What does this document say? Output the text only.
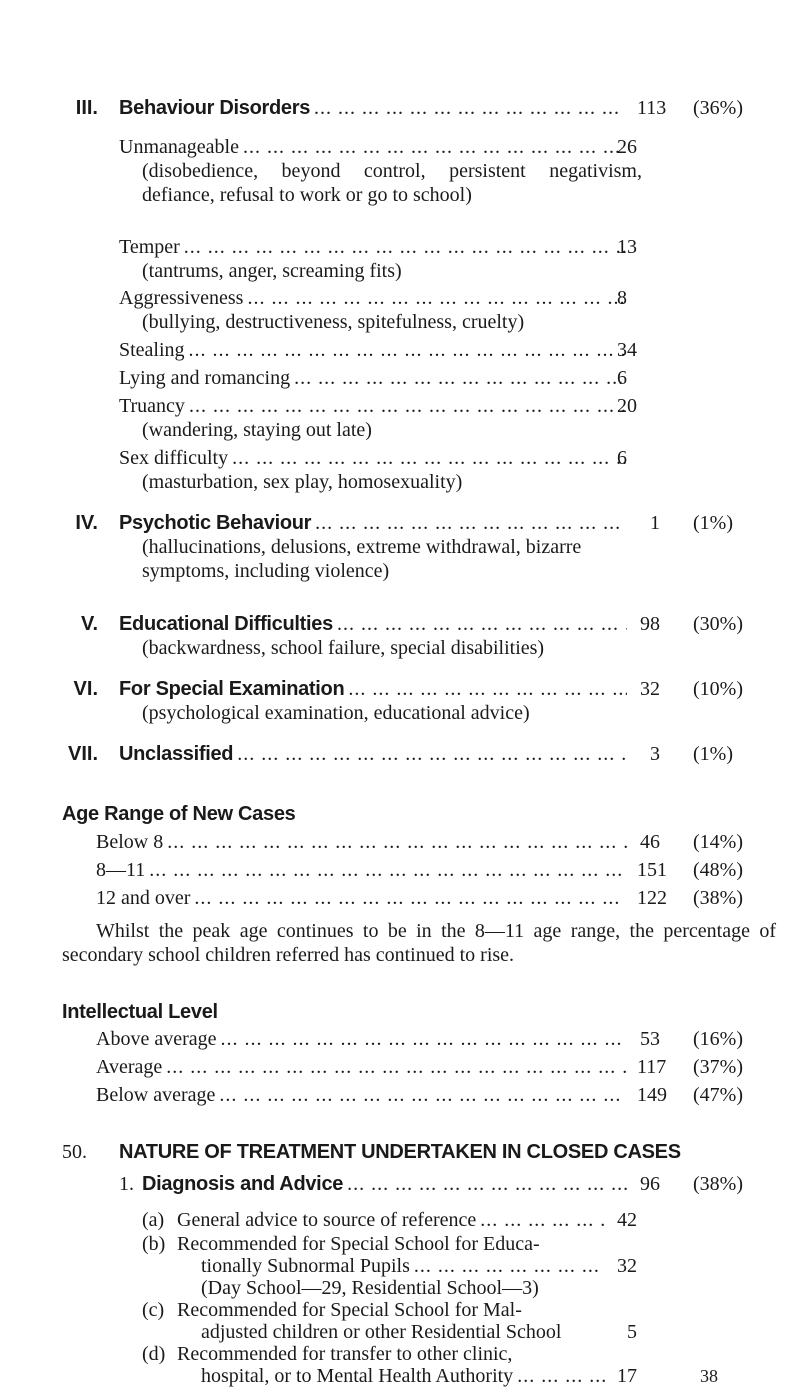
III. Behaviour Disorders ... .	113 (36%)
Unmanageable ... .	26
(disobedience, beyond control, persistent negativism, defiance, refusal to work or go to school)
Temper ... .	13
(tantrums, anger, screaming fits)
Aggressiveness ... .	8
(bullying, destructiveness, spitefulness, cruelty)
Stealing ... .	34
Lying and romancing ... .	6
Truancy ... .	20
(wandering, staying out late)
Sex difficulty ... .	6
(masturbation, sex play, homosexuality)
IV. Psychotic Behaviour ... .	1 (1%)
(hallucinations, delusions, extreme withdrawal, bizarre symptoms, including violence)
V. Educational Difficulties ... .	98 (30%)
(backwardness, school failure, special disabilities)
VI. For Special Examination ... .	32 (10%)
(psychological examination, educational advice)
VII. Unclassified ... .	3 (1%)
Age Range of New Cases
Below 8 ... .	46 (14%)
8—11 ... .	151 (48%)
12 and over ... .	122 (38%)
Whilst the peak age continues to be in the 8—11 age range, the percentage of secondary school children referred has continued to rise.
Intellectual Level
Above average ... .	53 (16%)
Average ... .	117 (37%)
Below average ... .	149 (47%)
50. NATURE OF TREATMENT UNDERTAKEN IN CLOSED CASES
1. Diagnosis and Advice ... .	96 (38%)
(a) General advice to source of reference ... .	42
(b) Recommended for Special School for Educa-
tionally Subnormal Pupils ... .	32
(Day School—29, Residential School—3)
(c) Recommended for Special School for Mal-
adjusted children or other Residential School	5
(d) Recommended for transfer to other clinic,
hospital, or to Mental Health Authority ... .	17	38
